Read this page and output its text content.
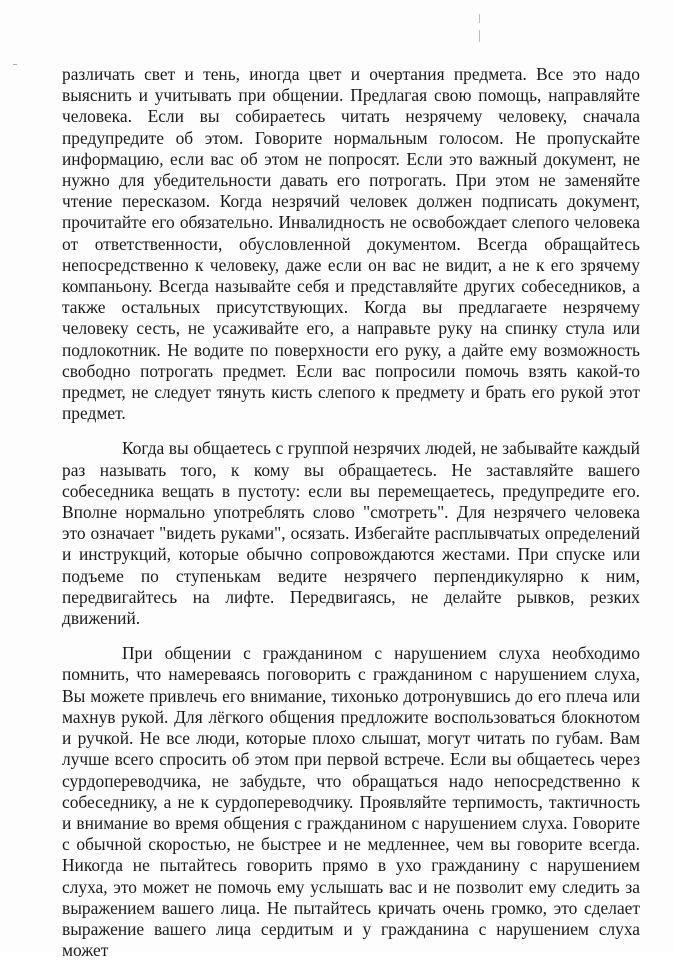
различать свет и тень, иногда цвет и очертания предмета. Все это надо выяснить и учитывать при общении. Предлагая свою помощь, направляйте человека. Если вы собираетесь читать незрячему человеку, сначала предупредите об этом. Говорите нормальным голосом. Не пропускайте информацию, если вас об этом не попросят. Если это важный документ, не нужно для убедительности давать его потрогать. При этом не заменяйте чтение пересказом. Когда незрячий человек должен подписать документ, прочитайте его обязательно. Инвалидность не освобождает слепого человека от ответственности, обусловленной документом. Всегда обращайтесь непосредственно к человеку, даже если он вас не видит, а не к его зрячему компаньону. Всегда называйте себя и представляйте других собеседников, а также остальных присутствующих. Когда вы предлагаете незрячему человеку сесть, не усаживайте его, а направьте руку на спинку стула или подлокотник. Не водите по поверхности его руку, а дайте ему возможность свободно потрогать предмет. Если вас попросили помочь взять какой-то предмет, не следует тянуть кисть слепого к предмету и брать его рукой этот предмет.

Когда вы общаетесь с группой незрячих людей, не забывайте каждый раз называть того, к кому вы обращаетесь. Не заставляйте вашего собеседника вещать в пустоту: если вы перемещаетесь, предупредите его. Вполне нормально употреблять слово "смотреть". Для незрячего человека это означает "видеть руками", осязать. Избегайте расплывчатых определений и инструкций, которые обычно сопровождаются жестами. При спуске или подъеме по ступенькам ведите незрячего перпендикулярно к ним, передвигайтесь на лифте. Передвигаясь, не делайте рывков, резких движений.

При общении с гражданином с нарушением слуха необходимо помнить, что намереваясь поговорить с гражданином с нарушением слуха, Вы можете привлечь его внимание, тихонько дотронувшись до его плеча или махнув рукой. Для лёгкого общения предложите воспользоваться блокнотом и ручкой. Не все люди, которые плохо слышат, могут читать по губам. Вам лучше всего спросить об этом при первой встрече. Если вы общаетесь через сурдопереводчика, не забудьте, что обращаться надо непосредственно к собеседнику, а не к сурдопереводчику. Проявляйте терпимость, тактичность и внимание во время общения с гражданином с нарушением слуха. Говорите с обычной скоростью, не быстрее и не медленнее, чем вы говорите всегда. Никогда не пытайтесь говорить прямо в ухо гражданину с нарушением слуха, это может не помочь ему услышать вас и не позволит ему следить за выражением вашего лица. Не пытайтесь кричать очень громко, это сделает выражение вашего лица сердитым и у гражданина с нарушением слуха может
